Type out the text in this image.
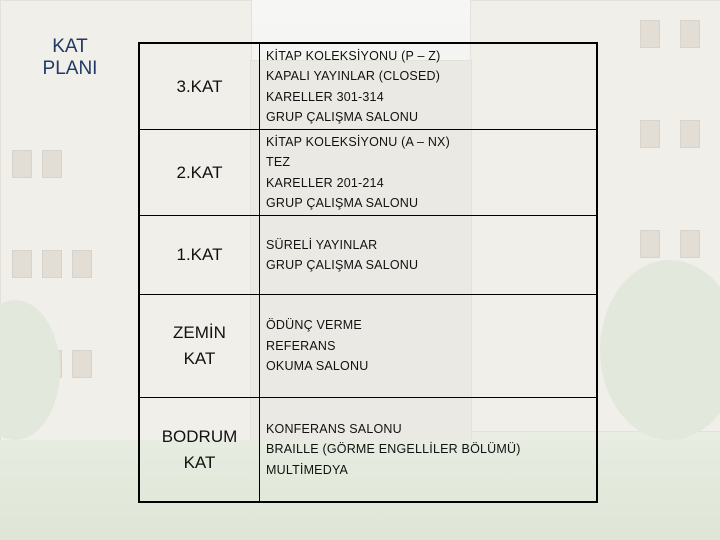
KAT
PLANI
3.KAT
KİTAP KOLEKSİYONU (P – Z)
KAPALI YAYINLAR (CLOSED)
KARELLER 301-314
GRUP ÇALIŞMA SALONU
2.KAT
KİTAP KOLEKSİYONU (A – NX)
TEZ
KARELLER 201-214
GRUP ÇALIŞMA SALONU
1.KAT
SÜRELİ YAYINLAR
GRUP ÇALIŞMA SALONU
ZEMİN
KAT
ÖDÜNÇ VERME
REFERANS
OKUMA SALONU
BODRUM
KAT
KONFERANS SALONU
BRAILLE (GÖRME ENGELLİLER BÖLÜMÜ)
MULTİMEDYA
